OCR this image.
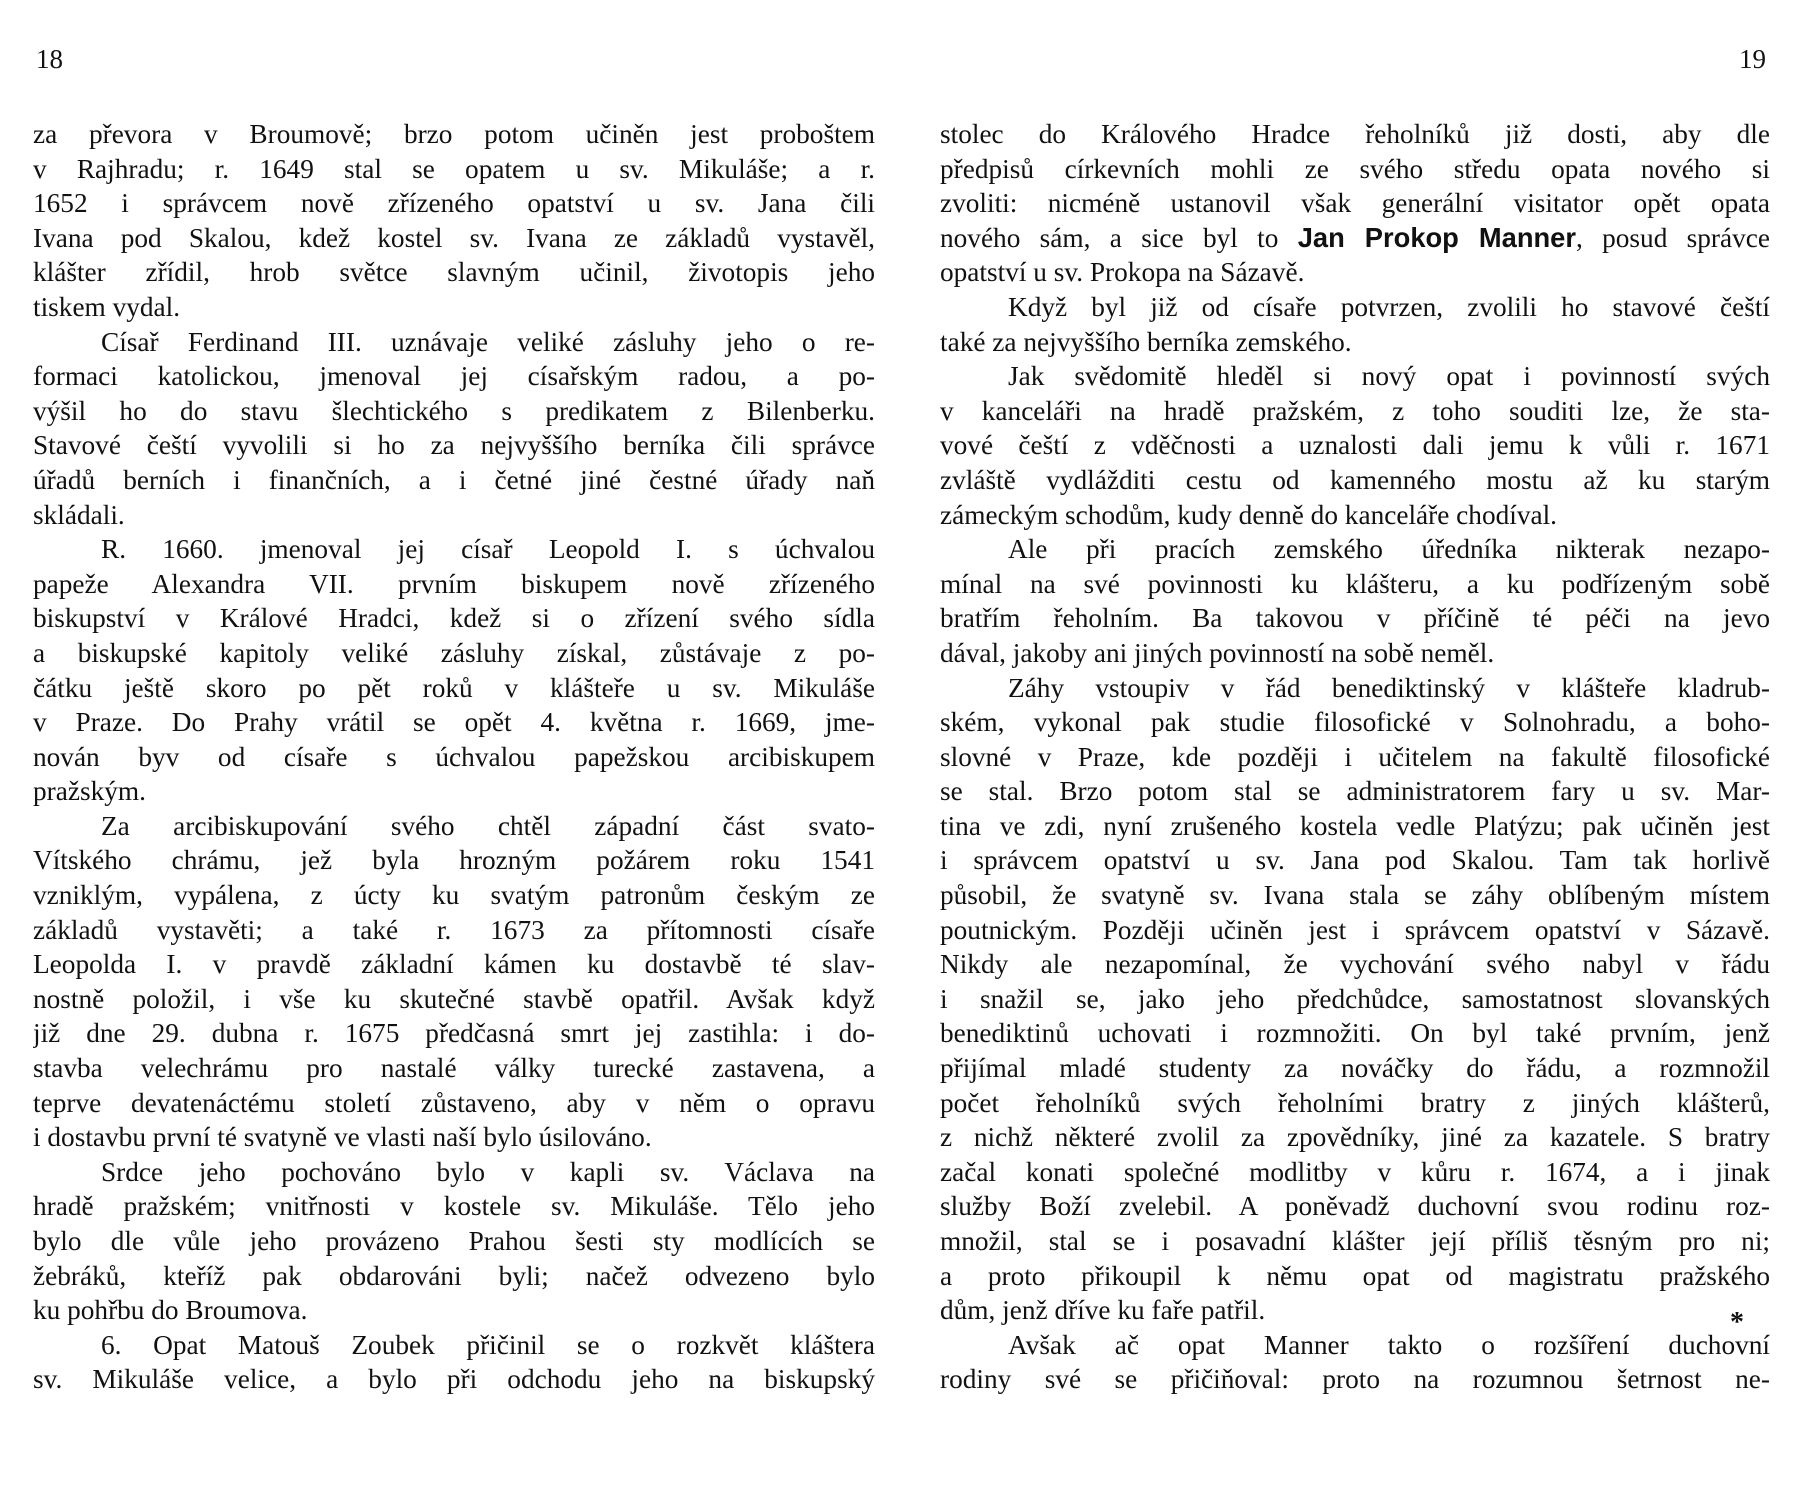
18
za převora v Broumově; brzo potom učiněn jest proboštem
v Rajhradu; r. 1649 stal se opatem u sv. Mikuláše; a r.
1652 i správcem nově zřízeného opatství u sv. Jana čili
Ivana pod Skalou, kdež kostel sv. Ivana ze základů vystavěl,
klášter zřídil, hrob světce slavným učinil, životopis jeho
tiskem vydal.
Císař Ferdinand III. uznávaje veliké zásluhy jeho o re-
formaci katolickou, jmenoval jej císařským radou, a po-
výšil ho do stavu šlechtického s predikatem z Bilenberku.
Stavové čeští vyvolili si ho za nejvyššího berníka čili správce
úřadů berních i finančních, a i četné jiné čestné úřady naň
skládali.
R. 1660. jmenoval jej císař Leopold I. s úchvalou
papeže Alexandra VII. prvním biskupem nově zřízeného
biskupství v Králové Hradci, kdež si o zřízení svého sídla
a biskupské kapitoly veliké zásluhy získal, zůstávaje z po-
čátku ještě skoro po pět roků v klášteře u sv. Mikuláše
v Praze. Do Prahy vrátil se opět 4. května r. 1669, jme-
nován byv od císaře s úchvalou papežskou arcibiskupem
pražským.
Za arcibiskupování svého chtěl západní část svato-
Vítského chrámu, jež byla hrozným požárem roku 1541
vzniklým, vypálena, z úcty ku svatým patronům českým ze
základů vystavěti; a také r. 1673 za přítomnosti císaře
Leopolda I. v pravdě základní kámen ku dostavbě té slav-
nostně položil, i vše ku skutečné stavbě opatřil. Avšak když
již dne 29. dubna r. 1675 předčasná smrt jej zastihla: i do-
stavba velechrámu pro nastalé války turecké zastavena, a
teprve devatenáctému století zůstaveno, aby v něm o opravu
i dostavbu první té svatyně ve vlasti naší bylo úsilováno.
Srdce jeho pochováno bylo v kapli sv. Václava na
hradě pražském; vnitřnosti v kostele sv. Mikuláše. Tělo jeho
bylo dle vůle jeho provázeno Prahou šesti sty modlících se
žebráků, kteříž pak obdarováni byli; načež odvezeno bylo
ku pohřbu do Broumova.
6. Opat Matouš Zoubek přičinil se o rozkvět kláštera
sv. Mikuláše velice, a bylo při odchodu jeho na biskupský
19
stolec do Králového Hradce řeholníků již dosti, aby dle
předpisů církevních mohli ze svého středu opata nového si
zvoliti: nicméně ustanovil však generální visitator opět opata
nového sám, a sice byl to Jan Prokop Manner, posud správce
opatství u sv. Prokopa na Sázavě.
Když byl již od císaře potvrzen, zvolili ho stavové čeští
také za nejvyššího berníka zemského.
Jak svědomitě hleděl si nový opat i povinností svých
v kanceláři na hradě pražském, z toho souditi lze, že sta-
vové čeští z vděčnosti a uznalosti dali jemu k vůli r. 1671
zvláště vydlážditi cestu od kamenného mostu až ku starým
zámeckým schodům, kudy denně do kanceláře chodíval.
Ale při pracích zemského úředníka nikterak nezapo-
mínal na své povinnosti ku klášteru, a ku podřízeným sobě
bratřím řeholním. Ba takovou v příčině té péči na jevo
dával, jakoby ani jiných povinností na sobě neměl.
Záhy vstoupiv v řád benediktinský v klášteře kladrub-
ském, vykonal pak studie filosofické v Solnohradu, a boho-
slovné v Praze, kde později i učitelem na fakultě filosofické
se stal. Brzo potom stal se administratorem fary u sv. Mar-
tina ve zdi, nyní zrušeného kostela vedle Platýzu; pak učiněn jest
i správcem opatství u sv. Jana pod Skalou. Tam tak horlivě
působil, že svatyně sv. Ivana stala se záhy oblíbeným místem
poutnickým. Později učiněn jest i správcem opatství v Sázavě.
Nikdy ale nezapomínal, že vychování svého nabyl v řádu
i snažil se, jako jeho předchůdce, samostatnost slovanských
benediktinů uchovati i rozmnožiti. On byl také prvním, jenž
přijímal mladé studenty za nováčky do řádu, a rozmnožil
počet řeholníků svých řeholními bratry z jiných klášterů,
z nichž některé zvolil za zpovědníky, jiné za kazatele. S bratry
začal konati společné modlitby v kůru r. 1674, a i jinak
služby Boží zvelebil. A poněvadž duchovní svou rodinu roz-
množil, stal se i posavadní klášter její příliš těsným pro ni;
a proto přikoupil k němu opat od magistratu pražského
dům, jenž dříve ku faře patřil.
Avšak ač opat Manner takto o rozšíření duchovní
rodiny své se přičiňoval: proto na rozumnou šetrnost ne-
*
